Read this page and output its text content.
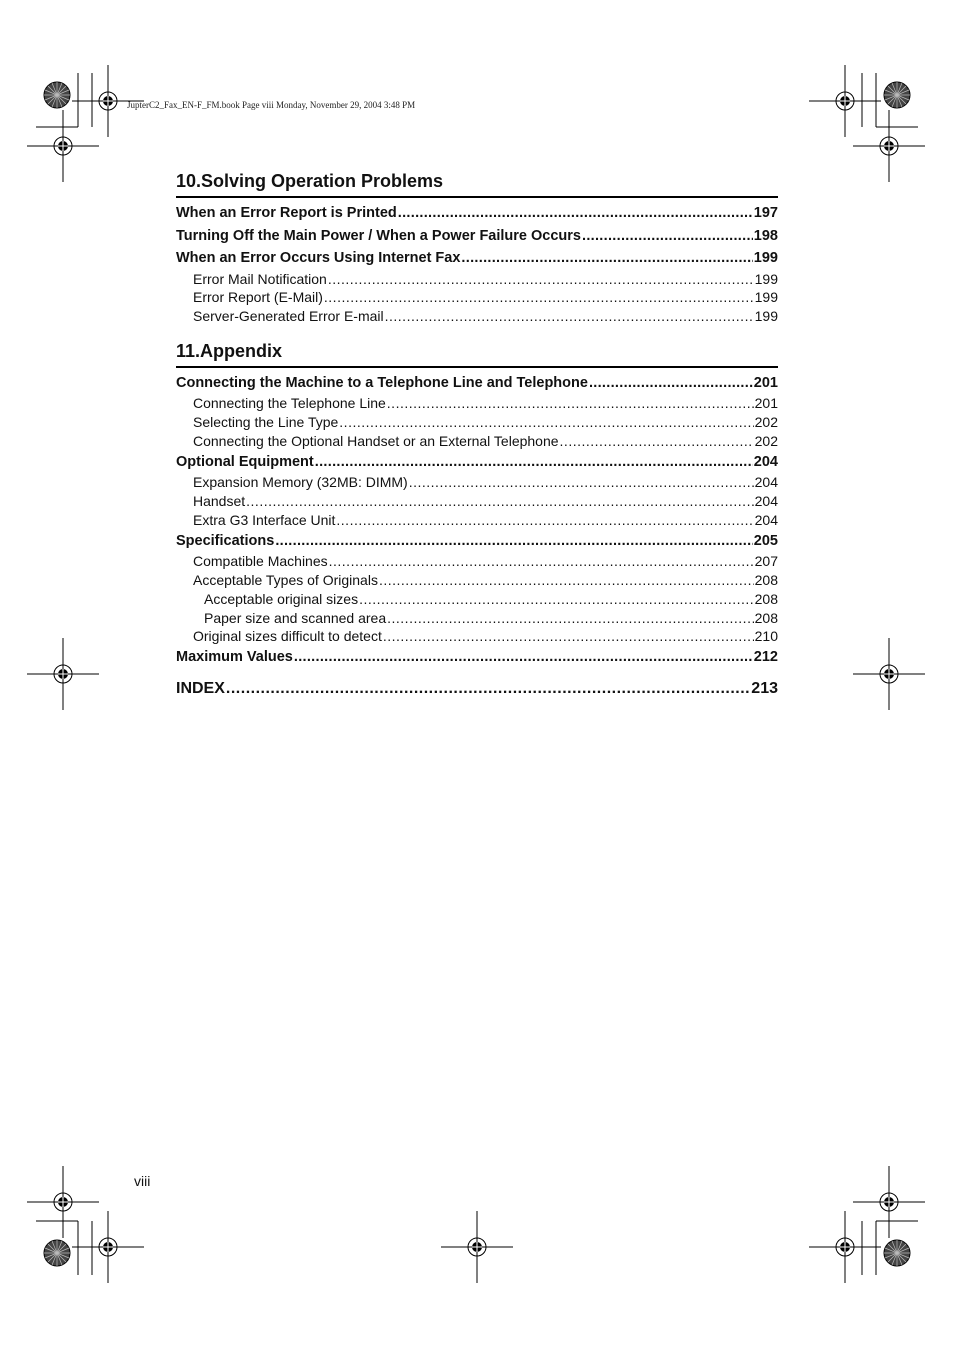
JupterC2_Fax_EN-F_FM.book Page viii Monday, November 29, 2004 3:48 PM
10.Solving Operation Problems
When an Error Report is Printed .....	197
Turning Off the Main Power / When a Power Failure Occurs .....	198
When an Error Occurs Using Internet Fax .....	199
Error Mail Notification .....	199
Error Report (E-Mail) .....	199
Server-Generated Error E-mail .....	199
11.Appendix
Connecting the Machine to a Telephone Line and Telephone .....	201
Connecting the Telephone Line .....	201
Selecting the Line Type .....	202
Connecting the Optional Handset or an External Telephone .....	202
Optional Equipment .....	204
Expansion Memory (32MB: DIMM) .....	204
Handset .....	204
Extra G3 Interface Unit .....	204
Specifications .....	205
Compatible Machines .....	207
Acceptable Types of Originals .....	208
Acceptable original sizes .....	208
Paper size and scanned area .....	208
Original sizes difficult to detect .....	210
Maximum Values .....	212
INDEX .....	213
viii
